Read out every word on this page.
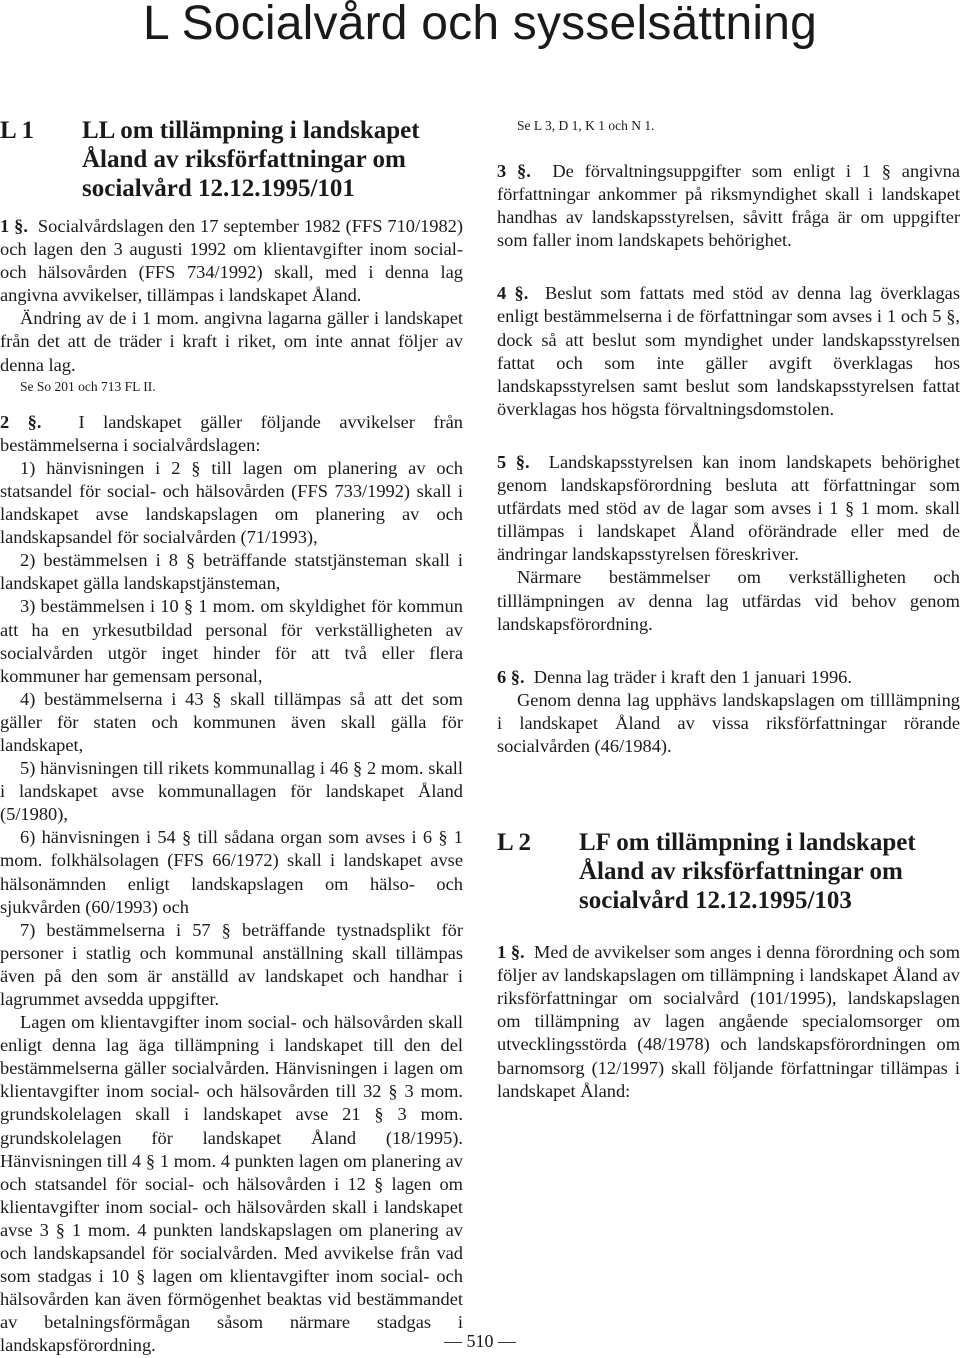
L Socialvård och sysselsättning
L 1	LL om tillämpning i landskapet Åland av riksförfattningar om socialvård 12.12.1995/101

1 §. Socialvårdslagen den 17 september 1982 (FFS 710/1982) och lagen den 3 augusti 1992 om klientavgifter inom social- och hälsovården (FFS 734/1992) skall, med i denna lag angivna avvikelser, tillämpas i landskapet Åland.

Ändring av de i 1 mom. angivna lagarna gäller i landskapet från det att de träder i kraft i riket, om inte annat följer av denna lag.

Se So 201 och 713 FL II.

2 §. I landskapet gäller följande avvikelser från bestämmelserna i socialvårdslagen:

1) hänvisningen i 2 § till lagen om planering av och statsandel för social- och hälsovården (FFS 733/1992) skall i landskapet avse landskapslagen om planering av och landskapsandel för socialvården (71/1993),

2) bestämmelsen i 8 § beträffande statstjänsteman skall i landskapet gälla landskapstjänsteman,

3) bestämmelsen i 10 § 1 mom. om skyldighet för kommun att ha en yrkesutbildad personal för verkställigheten av socialvården utgör inget hinder för att två eller flera kommuner har gemensam personal,

4) bestämmelserna i 43 § skall tillämpas så att det som gäller för staten och kommunen även skall gälla för landskapet,

5) hänvisningen till rikets kommunallag i 46 § 2 mom. skall i landskapet avse kommunallagen för landskapet Åland (5/1980),

6) hänvisningen i 54 § till sådana organ som avses i 6 § 1 mom. folkhälsolagen (FFS 66/1972) skall i landskapet avse hälsonämnden enligt landskapslagen om hälso- och sjukvården (60/1993) och

7) bestämmelserna i 57 § beträffande tystnadsplikt för personer i statlig och kommunal anställning skall tillämpas även på den som är anställd av landskapet och handhar i lagrummet avsedda uppgifter.

Lagen om klientavgifter inom social- och hälsovården skall enligt denna lag äga tillämpning i landskapet till den del bestämmelserna gäller socialvården. Hänvisningen i lagen om klientavgifter inom social- och hälsovården till 32 § 3 mom. grundskolelagen skall i landskapet avse 21 § 3 mom. grundskolelagen för landskapet Åland (18/1995). Hänvisningen till 4 § 1 mom. 4 punkten lagen om planering av och statsandel för social- och hälsovården i 12 § lagen om klientavgifter inom social- och hälsovården skall i landskapet avse 3 § 1 mom. 4 punkten landskapslagen om planering av och landskapsandel för socialvården. Med avvikelse från vad som stadgas i 10 § lagen om klientavgifter inom social- och hälsovården kan även förmögenhet beaktas vid bestämmandet av betalningsförmågan såsom närmare stadgas i landskapsförordning.

Se L 3, D 1, K 1 och N 1.

3 §. De förvaltningsuppgifter som enligt i 1 § angivna författningar ankommer på riksmyndighet skall i landskapet handhas av landskapsstyrelsen, såvitt fråga är om uppgifter som faller inom landskapets behörighet.

4 §. Beslut som fattats med stöd av denna lag överklagas enligt bestämmelserna i de författningar som avses i 1 och 5 §, dock så att beslut som myndighet under landskapsstyrelsen fattat och som inte gäller avgift överklagas hos landskapsstyrelsen samt beslut som landskapsstyrelsen fattat överklagas hos högsta förvaltningsdomstolen.

5 §. Landskapsstyrelsen kan inom landskapets behörighet genom landskapsförordning besluta att författningar som utfärdats med stöd av de lagar som avses i 1 § 1 mom. skall tillämpas i landskapet Åland oförändrade eller med de ändringar landskapsstyrelsen föreskriver.

Närmare bestämmelser om verkställigheten och tilllämpningen av denna lag utfärdas vid behov genom landskapsförordning.

6 §. Denna lag träder i kraft den 1 januari 1996.

Genom denna lag upphävs landskapslagen om tilllämpning i landskapet Åland av vissa riksförfattningar rörande socialvården (46/1984).

L 2	LF om tillämpning i landskapet Åland av riksförfattningar om socialvård 12.12.1995/103

1 §. Med de avvikelser som anges i denna förordning och som följer av landskapslagen om tillämpning i landskapet Åland av riksförfattningar om socialvård (101/1995), landskapslagen om tillämpning av lagen angående specialomsorger om utvecklingsstörda (48/1978) och landskapsförordningen om barnomsorg (12/1997) skall följande författningar tillämpas i landskapet Åland:

— 510 —
